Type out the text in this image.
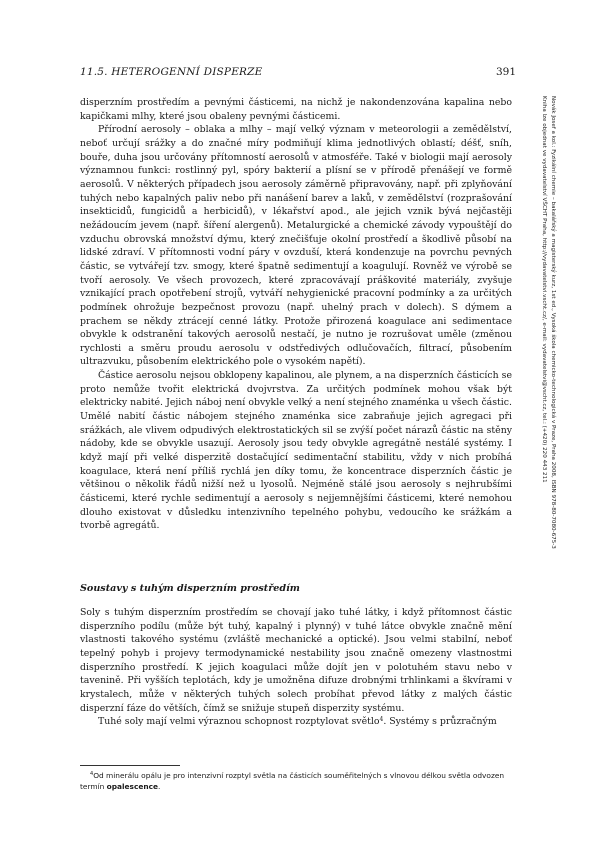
11.5. HETEROGENNÍ DISPERZE	391
Novák Josef a kol.: Fyzikální chemie – bakalářský a magisterský kurz, 1st ed., Vysoká škola chemicko-technologická v Praze, Praha 2008, ISBN 978-80-7080-675-3
Kniha lze objednat ve vydavatelství VŠCHT Praha, http://vydavatelstvi.vscht.cz/, e-mail: vydavatelstvi@vscht.cz, tel.: (+420) 220 443 211

disperzním prostředím a pevnými částicemi, na nichž je nakondenzována kapalina nebo kapičkami mlhy, které jsou obaleny pevnými částicemi.

Přírodní aerosoly – oblaka a mlhy – mají velký význam v meteorologii a zemědělství, neboť určují srážky a do značné míry podmiňují klima jednotlivých oblastí; déšť, sníh, bouře, duha jsou určovány přítomností aerosolů v atmosféře. Také v biologii mají aerosoly významnou funkci: rostlinný pyl, spóry bakterií a plísní se v přírodě přenášejí ve formě aerosolů. V některých případech jsou aerosoly záměrně připravovány, např. při zplyňování tuhých nebo kapalných paliv nebo při nanášení barev a laků, v zemědělství (rozprašování insekticidů, fungicidů a herbicidů), v lékařství apod., ale jejich vznik bývá nejčastěji nežádoucím jevem (např. šíření alergenů). Metalurgické a chemické závody vypouštějí do vzduchu obrovská množství dýmu, který znečišťuje okolní prostředí a škodlivě působí na lidské zdraví. V přítomnosti vodní páry v ovzduší, která kondenzuje na povrchu pevných částic, se vytvářejí tzv. smogy, které špatně sedimentují a koagulují. Rovněž ve výrobě se tvoří aerosoly. Ve všech provozech, které zpracovávají práškovité materiály, zvyšuje vznikající prach opotřebení strojů, vytváří nehygienické pracovní podmínky a za určitých podmínek ohrožuje bezpečnost provozu (např. uhelný prach v dolech). S dýmem a prachem se někdy ztrácejí cenné látky. Protože přirozená koagulace ani sedimentace obvykle k odstranění takových aerosolů nestačí, je nutno je rozrušovat uměle (změnou rychlosti a směru proudu aerosolu v odstředivých odlučovačích, filtrací, působením ultrazvuku, působením elektrického pole o vysokém napětí).

Částice aerosolu nejsou obklopeny kapalinou, ale plynem, a na disperzních částicích se proto nemůže tvořit elektrická dvojvrstva. Za určitých podmínek mohou však být elektricky nabité. Jejich náboj není obvykle velký a není stejného znaménka u všech částic. Umělé nabití částic nábojem stejného znaménka sice zabraňuje jejich agregaci při srážkách, ale vlivem odpudivých elektrostatických sil se zvýší počet nárazů částic na stěny nádoby, kde se obvykle usazují. Aerosoly jsou tedy obvykle agregátně nestálé systémy. I když mají při velké disperzitě dostačující sedimentační stabilitu, vždy v nich probíhá koagulace, která není příliš rychlá jen díky tomu, že koncentrace disperzních částic je většinou o několik řádů nižší než u lyosolů. Nejméně stálé jsou aerosoly s nejhrubšími částicemi, které rychle sedimentují a aerosoly s nejjemnějšími částicemi, které nemohou dlouho existovat v důsledku intenzivního tepelného pohybu, vedoucího ke srážkám a tvorbě agregátů.

Soustavy s tuhým disperzním prostředím

Soly s tuhým disperzním prostředím se chovají jako tuhé látky, i když přítomnost částic disperzního podílu (může být tuhý, kapalný i plynný) v tuhé látce obvykle značně mění vlastnosti takového systému (zvláště mechanické a optické). Jsou velmi stabilní, neboť tepelný pohyb i projevy termodynamické nestability jsou značně omezeny vlastnostmi disperzního prostředí. K jejich koagulaci může dojít jen v polotuhém stavu nebo v tavenině. Při vyšších teplotách, kdy je umožněna difuze drobnými trhlinkami a škvírami v krystalech, může v některých tuhých solech probíhat převod látky z malých částic disperzní fáze do větších, čímž se snižuje stupeň disperzity systému.

Tuhé soly mají velmi výraznou schopnost rozptylovat světlo$^4$. Systémy s průzračným

$^4$Od minerálu opálu je pro intenzivní rozptyl světla na částicích souměřitelných s vlnovou délkou světla odvozen termín opalescence.
